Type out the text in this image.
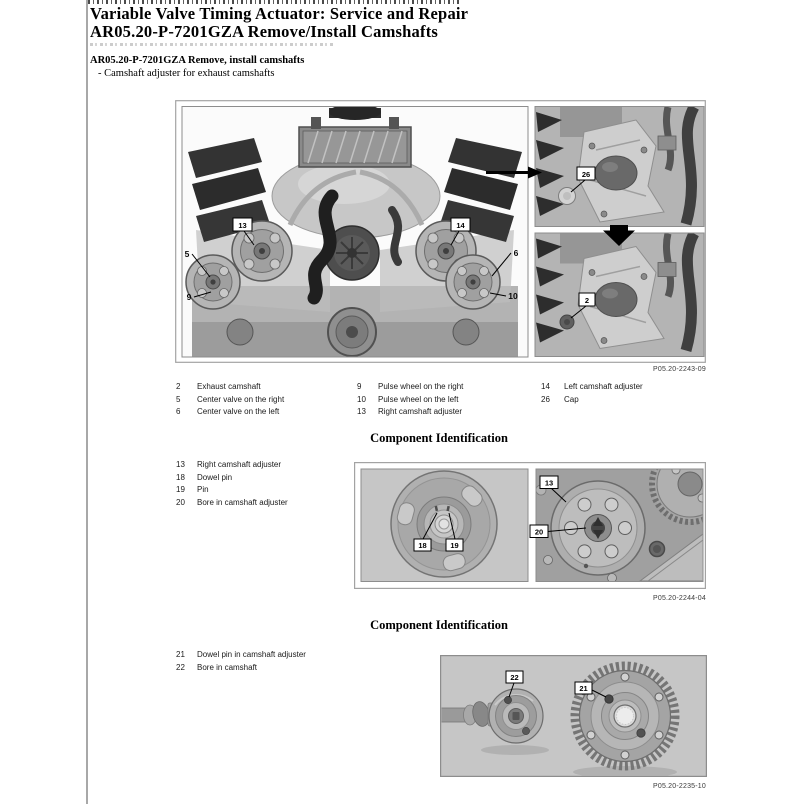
Variable Valve Timing Actuator: Service and Repair
AR05.20-P-7201GZA Remove/Install Camshafts
AR05.20-P-7201GZA Remove, install camshafts
- Camshaft adjuster for exhaust camshafts
13	14
5
9
6
10
26
2
P05.20-2243-09
2 Exhaust camshaft
5 Center valve on the right
6 Center valve on the left
9 Pulse wheel on the right
10 Pulse wheel on the left
13 Right camshaft adjuster
14 Left camshaft adjuster
26 Cap
Component Identification
13 Right camshaft adjuster
18 Dowel pin
19 Pin
20 Bore in camshaft adjuster
18	19
13
20
P05.20-2244-04
Component Identification
21 Dowel pin in camshaft adjuster
22 Bore in camshaft
22
21
P05.20-2235-10
